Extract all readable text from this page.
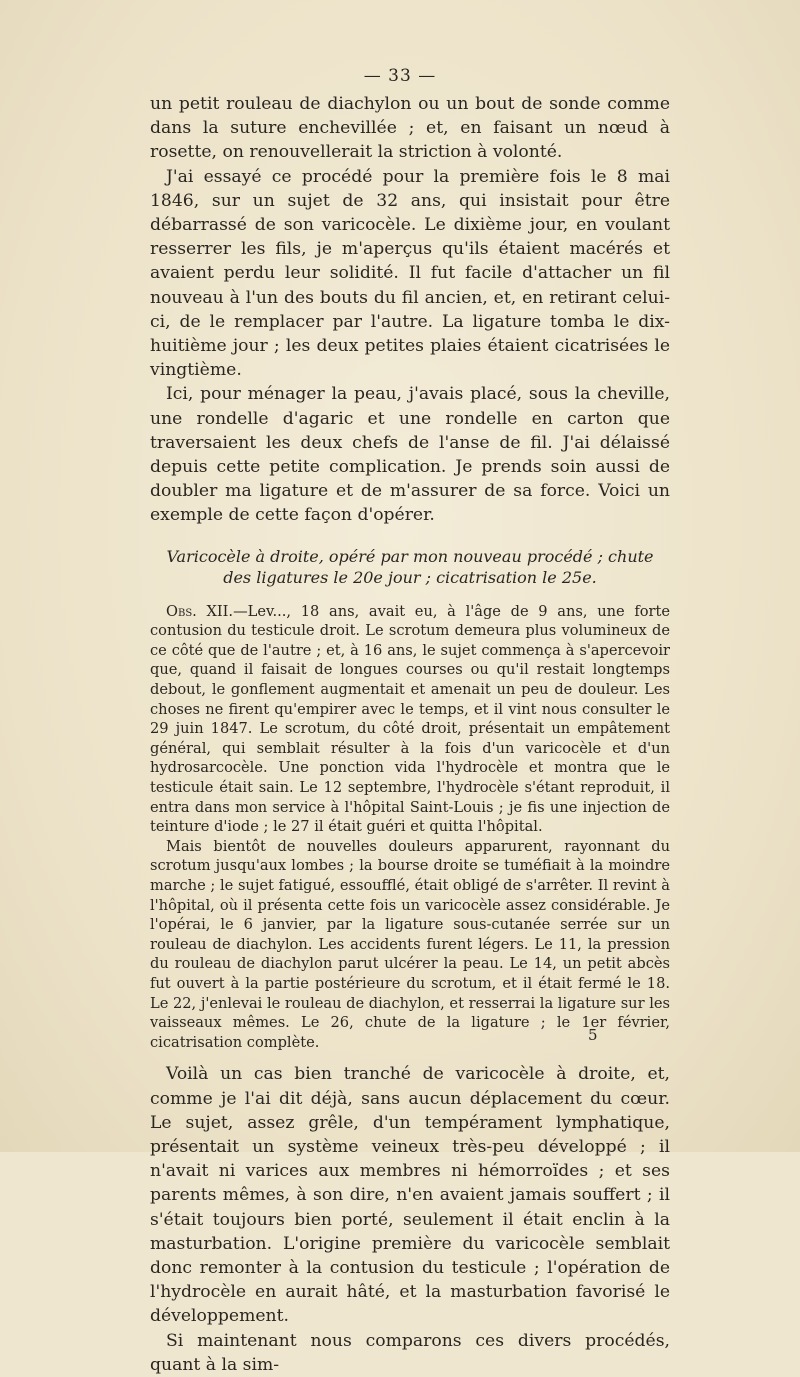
— 33 —

un petit rouleau de diachylon ou un bout de sonde comme dans la suture enchevillée ; et, en faisant un nœud à rosette, on renouvellerait la striction à volonté.

J'ai essayé ce procédé pour la première fois le 8 mai 1846, sur un sujet de 32 ans, qui insistait pour être débarrassé de son varicocèle. Le dixième jour, en voulant resserrer les fils, je m'aperçus qu'ils étaient macérés et avaient perdu leur solidité. Il fut facile d'attacher un fil nouveau à l'un des bouts du fil ancien, et, en retirant celui-ci, de le remplacer par l'autre. La ligature tomba le dix-huitième jour ; les deux petites plaies étaient cicatrisées le vingtième.

Ici, pour ménager la peau, j'avais placé, sous la cheville, une rondelle d'agaric et une rondelle en carton que traversaient les deux chefs de l'anse de fil. J'ai délaissé depuis cette petite complication. Je prends soin aussi de doubler ma ligature et de m'assurer de sa force. Voici un exemple de cette façon d'opérer.

Varicocèle à droite, opéré par mon nouveau procédé ; chute des ligatures le 20e jour ; cicatrisation le 25e.

Obs. XII.—Lev..., 18 ans, avait eu, à l'âge de 9 ans, une forte contusion du testicule droit. Le scrotum demeura plus volumineux de ce côté que de l'autre ; et, à 16 ans, le sujet commença à s'apercevoir que, quand il faisait de longues courses ou qu'il restait longtemps debout, le gonflement augmentait et amenait un peu de douleur. Les choses ne firent qu'empirer avec le temps, et il vint nous consulter le 29 juin 1847. Le scrotum, du côté droit, présentait un empâtement général, qui semblait résulter à la fois d'un varicocèle et d'un hydrosarcocèle. Une ponction vida l'hydrocèle et montra que le testicule était sain. Le 12 septembre, l'hydrocèle s'étant reproduit, il entra dans mon service à l'hôpital Saint-Louis ; je fis une injection de teinture d'iode ; le 27 il était guéri et quitta l'hôpital.

Mais bientôt de nouvelles douleurs apparurent, rayonnant du scrotum jusqu'aux lombes ; la bourse droite se tuméfiait à la moindre marche ; le sujet fatigué, essoufflé, était obligé de s'arrêter. Il revint à l'hôpital, où il présenta cette fois un varicocèle assez considérable. Je l'opérai, le 6 janvier, par la ligature sous-cutanée serrée sur un rouleau de diachylon. Les accidents furent légers. Le 11, la pression du rouleau de diachylon parut ulcérer la peau. Le 14, un petit abcès fut ouvert à la partie postérieure du scrotum, et il était fermé le 18. Le 22, j'enlevai le rouleau de diachylon, et resserrai la ligature sur les vaisseaux mêmes. Le 26, chute de la ligature ; le 1er février, cicatrisation complète.

Voilà un cas bien tranché de varicocèle à droite, et, comme je l'ai dit déjà, sans aucun déplacement du cœur. Le sujet, assez grêle, d'un tempérament lymphatique, présentait un système veineux très-peu développé ; il n'avait ni varices aux membres ni hémorroïdes ; et ses parents mêmes, à son dire, n'en avaient jamais souffert ; il s'était toujours bien porté, seulement il était enclin à la masturbation. L'origine première du varicocèle semblait donc remonter à la contusion du testicule ; l'opération de l'hydrocèle en aurait hâté, et la masturbation favorisé le développement.

Si maintenant nous comparons ces divers procédés, quant à la sim-

5
